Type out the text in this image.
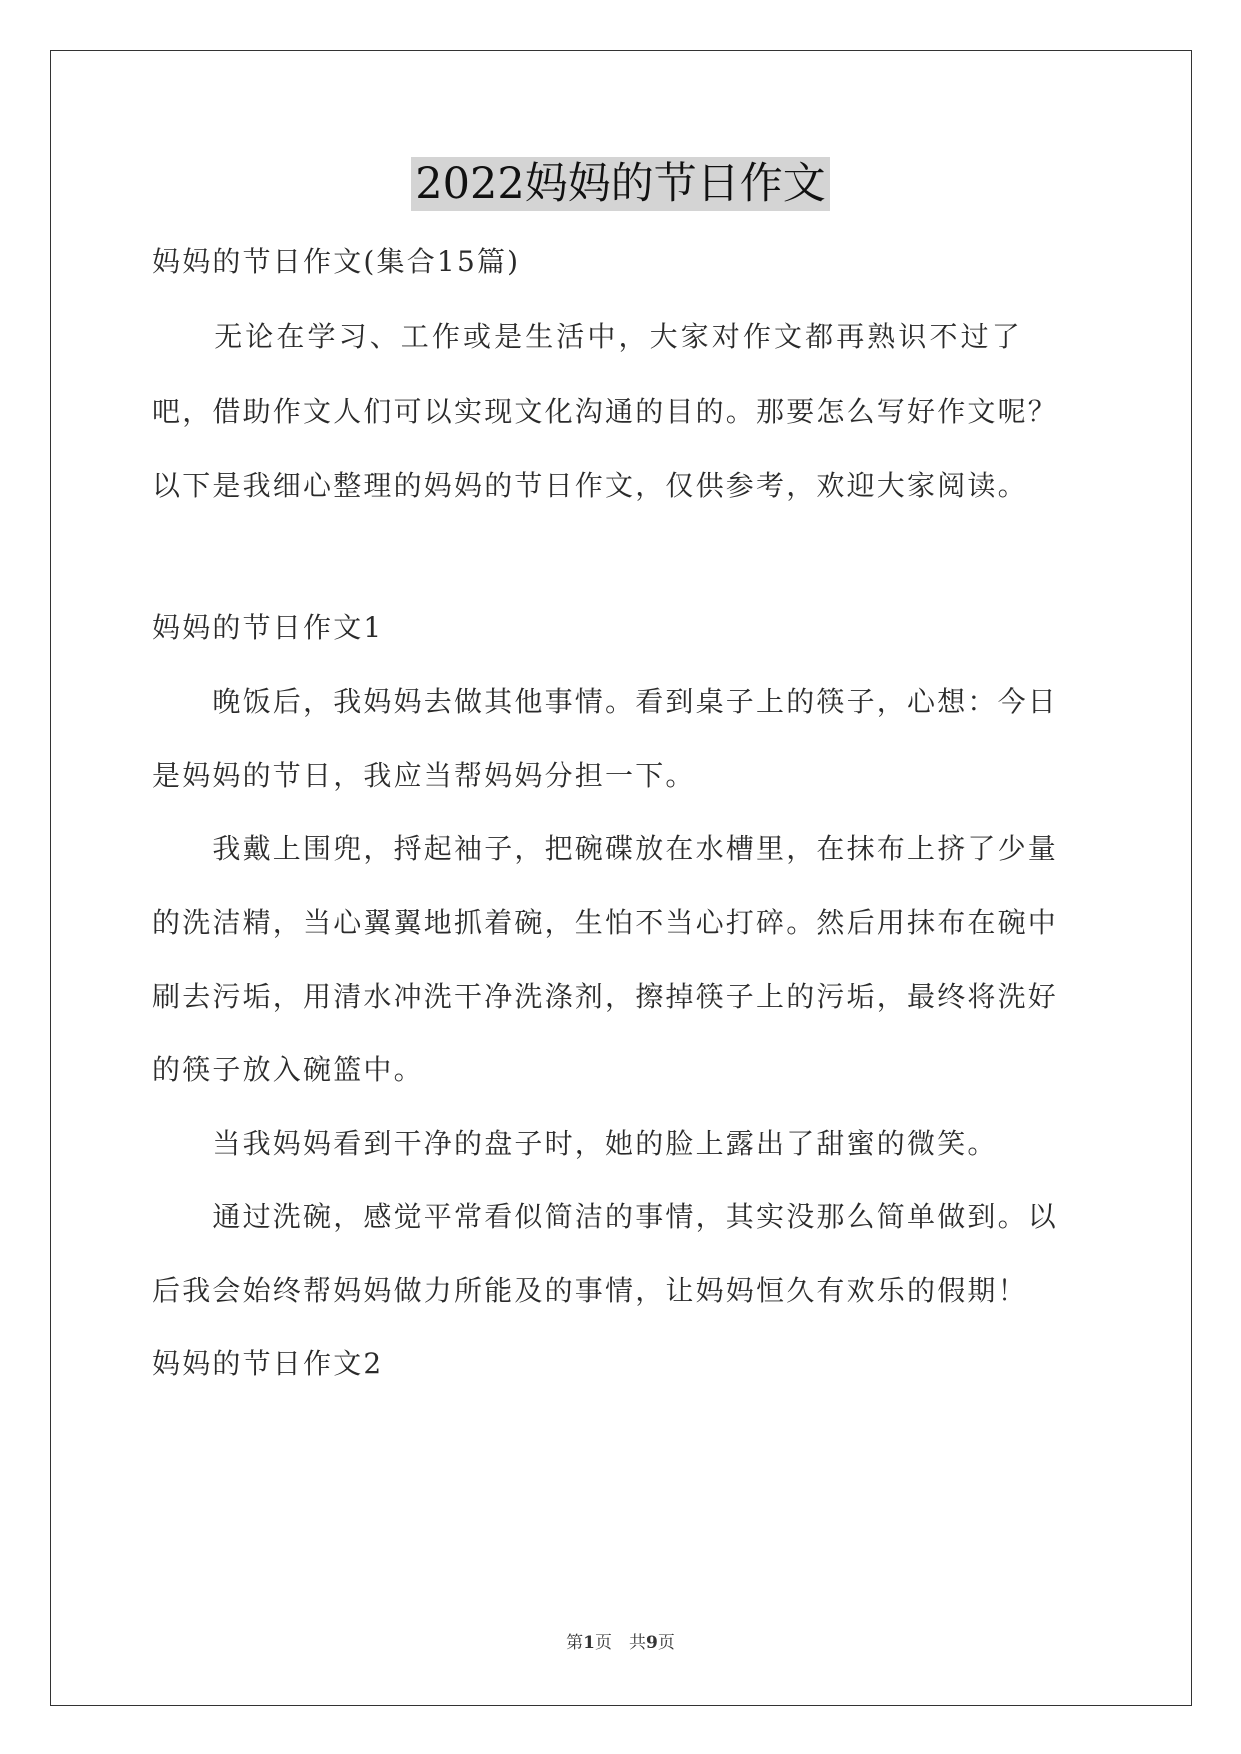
2022妈妈的节日作文
妈妈的节日作文(集合15篇)
　　无论在学习、工作或是生活中，大家对作文都再熟识不过了
吧，借助作文人们可以实现文化沟通的目的。那要怎么写好作文呢？
以下是我细心整理的妈妈的节日作文，仅供参考，欢迎大家阅读。
妈妈的节日作文1
　　晚饭后，我妈妈去做其他事情。看到桌子上的筷子，心想：今日
是妈妈的节日，我应当帮妈妈分担一下。
　　我戴上围兜，捋起袖子，把碗碟放在水槽里，在抹布上挤了少量
的洗洁精，当心翼翼地抓着碗，生怕不当心打碎。然后用抹布在碗中
刷去污垢，用清水冲洗干净洗涤剂，擦掉筷子上的污垢，最终将洗好
的筷子放入碗篮中。
　　当我妈妈看到干净的盘子时，她的脸上露出了甜蜜的微笑。
　　通过洗碗，感觉平常看似简洁的事情，其实没那么简单做到。以
后我会始终帮妈妈做力所能及的事情，让妈妈恒久有欢乐的假期！
妈妈的节日作文2
第1页　共9页
